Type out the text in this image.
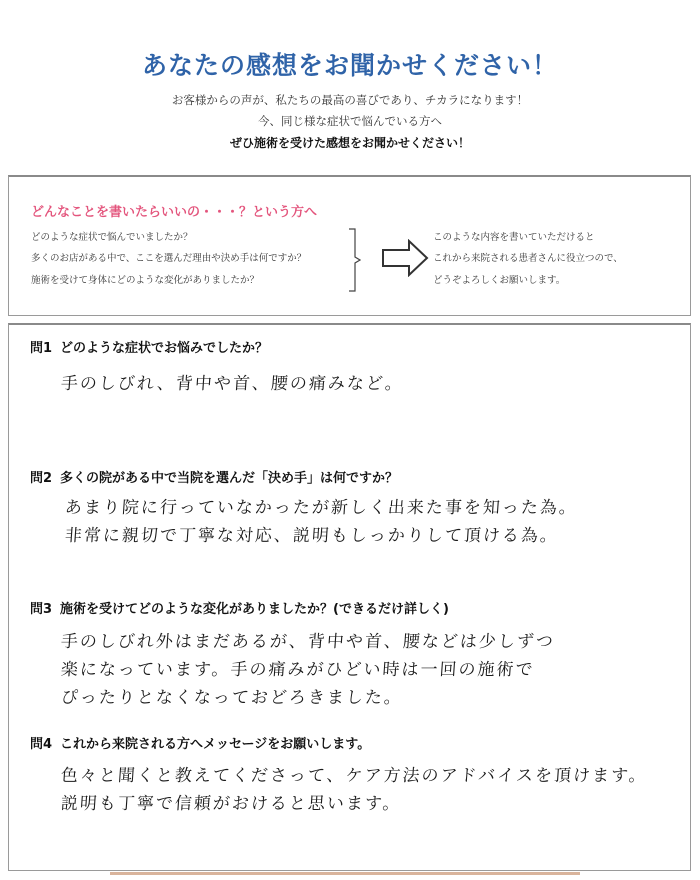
あなたの感想をお聞かせください！
お客様からの声が、私たちの最高の喜びであり、チカラになります！
今、同じ様な症状で悩んでいる方へ
ぜひ施術を受けた感想をお聞かせください！
どんなことを書いたらいいの・・・？という方へ
どのような症状で悩んでいましたか？
多くのお店がある中で、ここを選んだ理由や決め手は何ですか？
施術を受けて身体にどのような変化がありましたか？
このような内容を書いていただけると
これから来院される患者さんに役立つので、
どうぞよろしくお願いします。
問1 どのような症状でお悩みでしたか？
手のしびれ、背中や首、腰の痛みなど。
問2 多くの院がある中で当院を選んだ「決め手」は何ですか？
あまり院に行っていなかったが新しく出来た事を知った為。
非常に親切で丁寧な対応、説明もしっかりして頂ける為。
問3 施術を受けてどのような変化がありましたか？(できるだけ詳しく)
手のしびれ外はまだあるが、背中や首、腰などは少しずつ
楽になっています。手の痛みがひどい時は一回の施術で
ぴったりとなくなっておどろきました。
問4 これから来院される方へメッセージをお願いします。
色々と聞くと教えてくださって、ケア方法のアドバイスを頂けます。
説明も丁寧で信頼がおけると思います。
